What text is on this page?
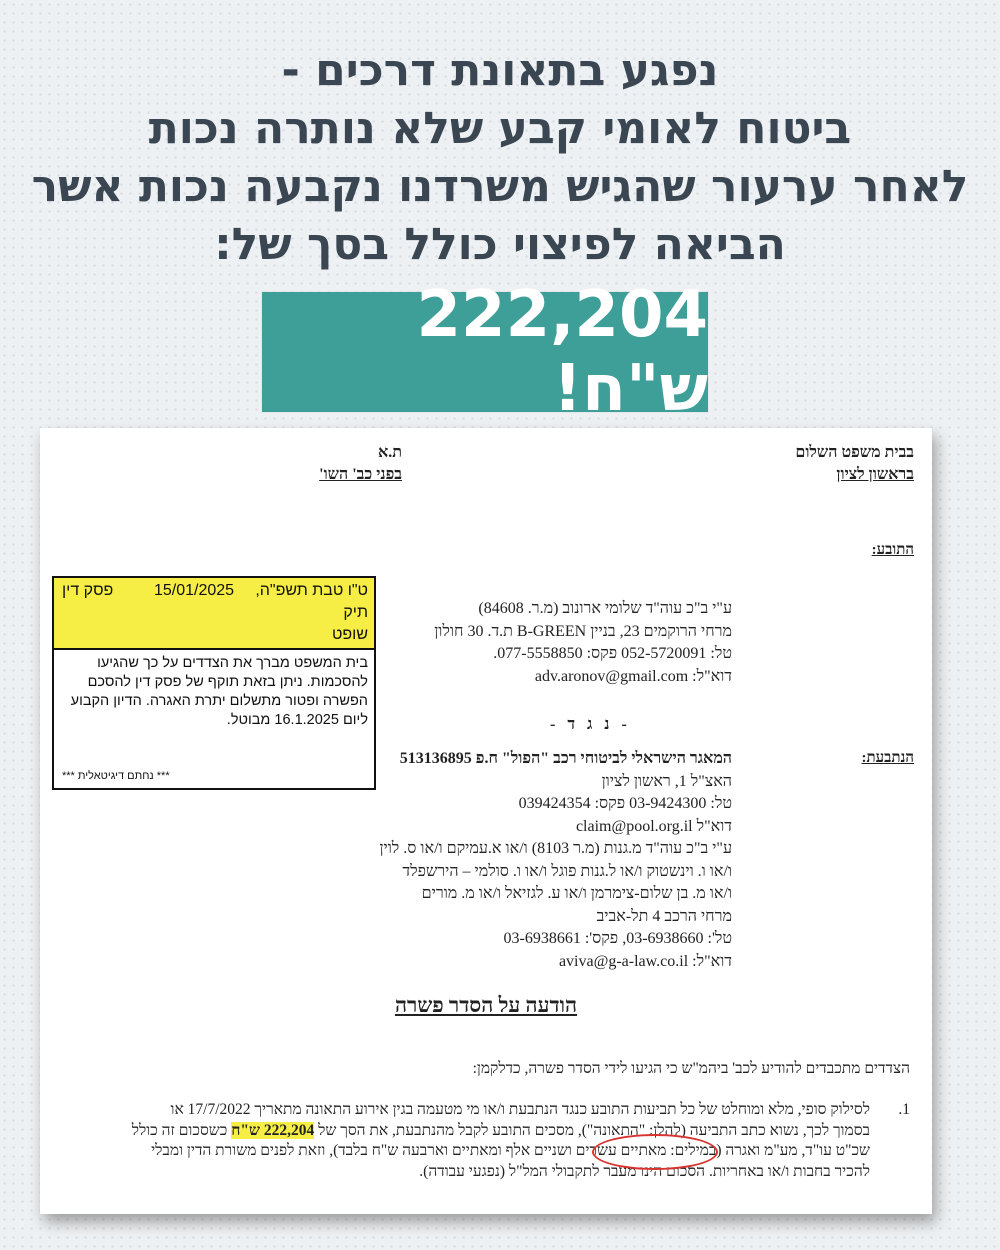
נפגע בתאונת דרכים -
ביטוח לאומי קבע שלא נותרה נכות
לאחר ערעור שהגיש משרדנו נקבעה נכות אשר
הביאה לפיצוי כולל בסך של:
222,204 ש"ח!
בבית משפט השלום
בראשון לציון
ת.א
בפני כב' השו'
התובע:
ע"י ב"כ עוה"ד שלומי ארונוב (מ.ר. 84608)
מרחי הרוקמים 23, בניין B-GREEN ת.ד. 30 חולון
טל: 052-5720091 פקס: 077-5558850.
דוא"ל: adv.aronov@gmail.com
- נ ג ד -
הנתבעת:
המאגר הישראלי לביטוחי רכב "הפול" ח.פ 513136895
האצ"ל 1, ראשון לציון
טל: 03-9424300 פקס: 039424354
דוא"ל claim@pool.org.il
ע"י ב"כ עוה"ד מ.גנות (מ.ר 8103) ו/או א.עמיקם ו/או ס. לוין
ו/או ו. וינשטוק ו/או ל.גנות פוגל ו/או ו. סולמי – הירשפלד
ו/או מ. בן שלום-צימרמן ו/או ע. לגזיאל ו/או מ. מורים
מרחי הרכב 4 תל-אביב
טל': 03-6938660, פקס': 03-6938661
דוא"ל: aviva@g-a-law.co.il
ט"ו טבת תשפ"ה,
15/01/2025
פסק דין
תיק
שופט
בית המשפט מברך את הצדדים על כך שהגיעו להסכמות. ניתן בזאת תוקף של פסק דין להסכם הפשרה ופטור מתשלום יתרת האגרה. הדיון הקבוע ליום 16.1.2025 מבוטל.
*** נחתם דיגיטאלית ***
הודעה על הסדר פשרה
הצדדים מתכבדים להודיע לכב' ביהמ"ש כי הגיעו לידי הסדר פשרה, כדלקמן:
1.
לסילוק סופי, מלא ומוחלט של כל תביעות התובע כנגד הנתבעת ו/או מי מטעמה בגין אירוע התאונה מתאריך 17/7/2022 או בסמוך לכך, נשוא כתב התביעה (להלן: "התאונה"), מסכים התובע לקבל מהנתבעת, את הסך של 222,204 ש"ח כשסכום זה כולל שכ"ט עו"ד, מע"מ ואגרה (במילים: מאתיים עשרים ושניים אלף ומאתיים וארבעה ש"ח בלבד), וזאת לפנים משורת הדין ומבלי להכיר בחבות ו/או באחריות. הסכום הינו מעבר לתקבולי המל"ל (נפגעי עבודה).
